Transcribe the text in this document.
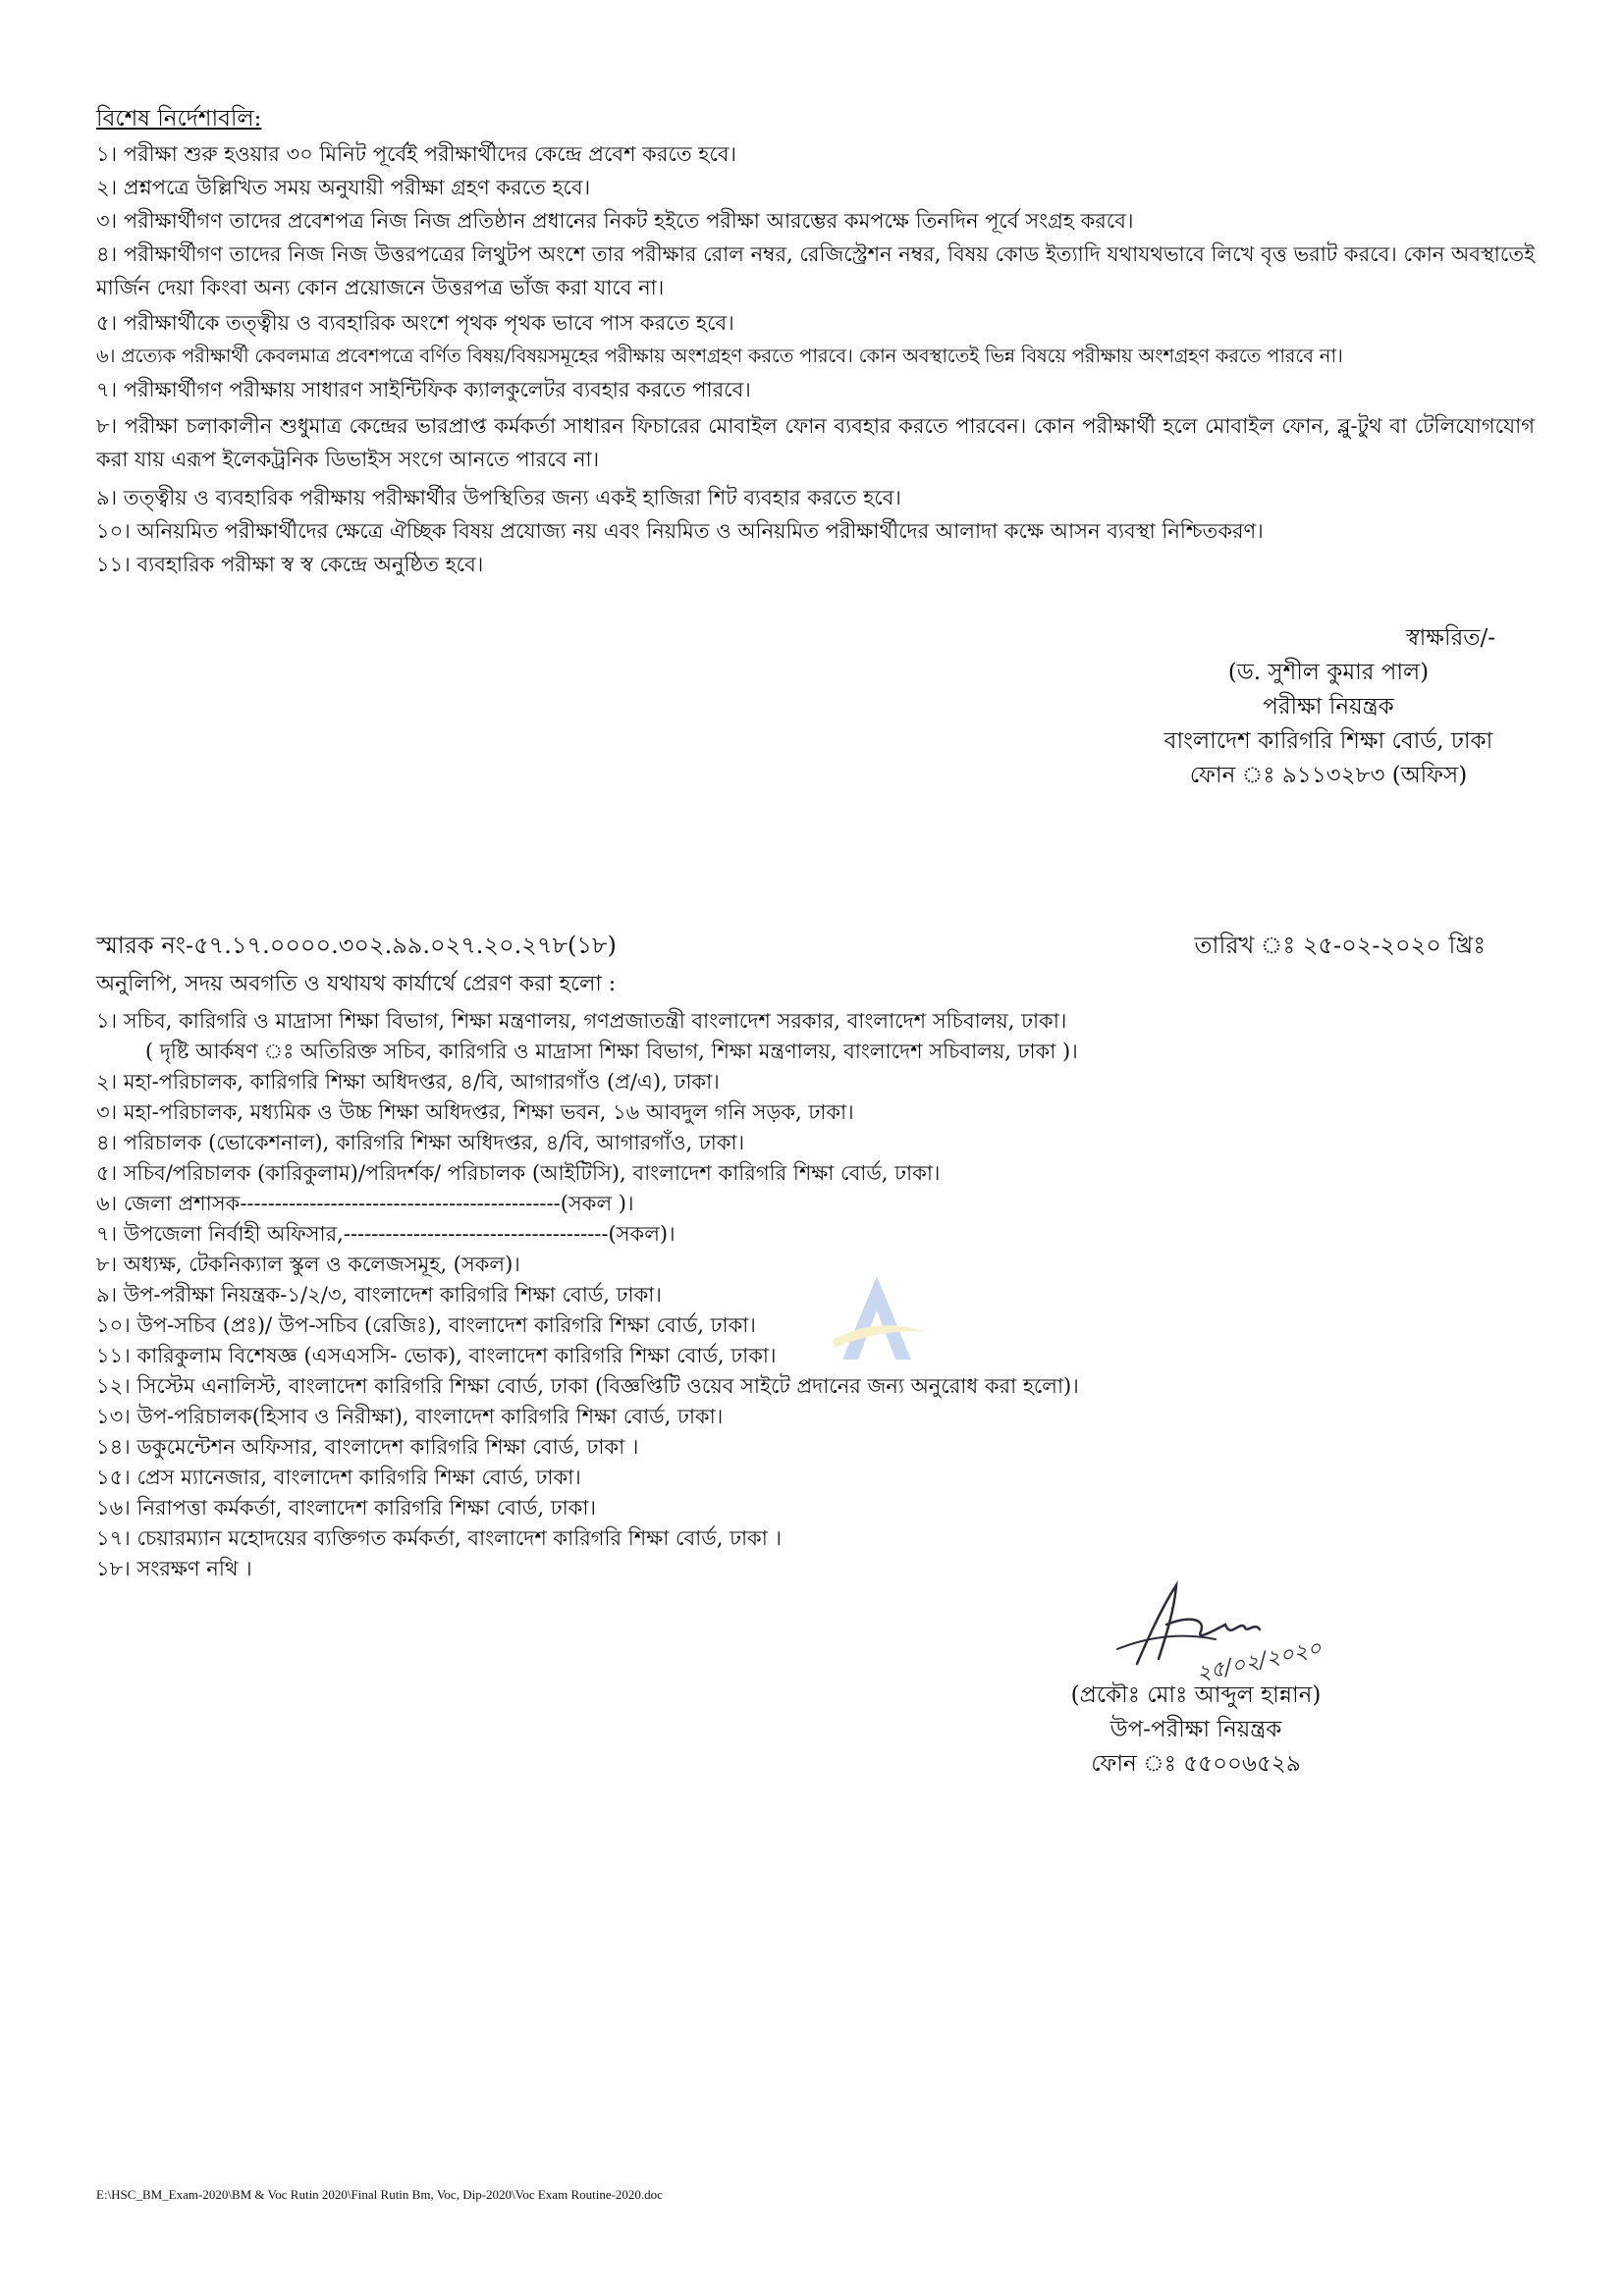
বিশেষ নির্দেশাবলি:
১। পরীক্ষা শুরু হওয়ার ৩০ মিনিট পূর্বেই পরীক্ষার্থীদের কেন্দ্রে প্রবেশ করতে হবে।
২। প্রশ্নপত্রে উল্লিখিত সময় অনুযায়ী পরীক্ষা গ্রহণ করতে হবে।
৩। পরীক্ষার্থীগণ তাদের প্রবেশপত্র নিজ নিজ প্রতিষ্ঠান প্রধানের নিকট হইতে পরীক্ষা আরম্ভের কমপক্ষে তিনদিন পূর্বে সংগ্রহ করবে।
৪। পরীক্ষার্থীগণ তাদের নিজ নিজ উত্তরপত্রের লিথুটপ অংশে তার পরীক্ষার রোল নম্বর, রেজিস্ট্রেশন নম্বর, বিষয় কোড ইত্যাদি যথাযথভাবে লিখে বৃত্ত ভরাট করবে। কোন অবস্থাতেই মার্জিন দেয়া কিংবা অন্য কোন প্রয়োজনে উত্তরপত্র ভাঁজ করা যাবে না।
৫। পরীক্ষার্থীকে তত্ত্বীয় ও ব্যবহারিক অংশে পৃথক পৃথক ভাবে পাস করতে হবে।
৬। প্রত্যেক পরীক্ষার্থী কেবলমাত্র প্রবেশপত্রে বর্ণিত বিষয়/বিষয়সমূহের পরীক্ষায় অংশগ্রহণ করতে পারবে। কোন অবস্থাতেই ভিন্ন বিষয়ে পরীক্ষায় অংশগ্রহণ করতে পারবে না।
৭। পরীক্ষার্থীগণ পরীক্ষায় সাধারণ সাইন্টিফিক ক্যালকুলেটর ব্যবহার করতে পারবে।
৮। পরীক্ষা চলাকালীন শুধুমাত্র কেন্দ্রের ভারপ্রাপ্ত কর্মকর্তা সাধারন ফিচারের মোবাইল ফোন ব্যবহার করতে পারবেন। কোন পরীক্ষার্থী হলে মোবাইল ফোন, ব্লু-টুথ বা টেলিযোগযোগ করা যায় এরূপ ইলেকট্রনিক ডিভাইস সংগে আনতে পারবে না।
৯। তত্ত্বীয় ও ব্যবহারিক পরীক্ষায় পরীক্ষার্থীর উপস্থিতির জন্য একই হাজিরা শিট ব্যবহার করতে হবে।
১০। অনিয়মিত পরীক্ষার্থীদের ক্ষেত্রে ঐচ্ছিক বিষয় প্রযোজ্য নয় এবং নিয়মিত ও অনিয়মিত পরীক্ষার্থীদের আলাদা কক্ষে আসন ব্যবস্থা নিশ্চিতকরণ।
১১। ব্যবহারিক পরীক্ষা স্ব স্ব কেন্দ্রে অনুষ্ঠিত হবে।
স্বাক্ষরিত/-
(ড. সুশীল কুমার পাল)
পরীক্ষা নিয়ন্ত্রক
বাংলাদেশ কারিগরি শিক্ষা বোর্ড, ঢাকা
ফোন ঃ ৯১১৩২৮৩ (অফিস)
স্মারক নং-৫৭.১৭.০০০০.৩০২.৯৯.০২৭.২০.২৭৮(১৮)	তারিখ ঃ ২৫-০২-২০২০ খ্রিঃ
অনুলিপি, সদয় অবগতি ও যথাযথ কার্যার্থে প্রেরণ করা হলো :
১। সচিব, কারিগরি ও মাদ্রাসা শিক্ষা বিভাগ, শিক্ষা মন্ত্রণালয়, গণপ্রজাতন্ত্রী বাংলাদেশ সরকার, বাংলাদেশ সচিবালয়, ঢাকা।
( দৃষ্টি আর্কষণ ঃ অতিরিক্ত সচিব, কারিগরি ও মাদ্রাসা শিক্ষা বিভাগ, শিক্ষা মন্ত্রণালয়, বাংলাদেশ সচিবালয়, ঢাকা )।
২। মহা-পরিচালক, কারিগরি শিক্ষা অধিদপ্তর, ৪/বি, আগারগাঁও (প্র/এ), ঢাকা।
৩। মহা-পরিচালক, মধ্যমিক ও উচ্চ শিক্ষা অধিদপ্তর, শিক্ষা ভবন, ১৬ আবদুল গনি সড়ক, ঢাকা।
৪। পরিচালক (ভোকেশনাল), কারিগরি শিক্ষা অধিদপ্তর, ৪/বি, আগারগাঁও, ঢাকা।
৫। সচিব/পরিচালক (কারিকুলাম)/পরিদর্শক/ পরিচালক (আইটিসি), বাংলাদেশ কারিগরি শিক্ষা বোর্ড, ঢাকা।
৬। জেলা প্রশাসক----------------------------------------------(সকল )।
৭। উপজেলা নির্বাহী অফিসার,--------------------------------------(সকল)।
৮। অধ্যক্ষ, টেকনিক্যাল স্কুল ও কলেজসমূহ, (সকল)।
৯। উপ-পরীক্ষা নিয়ন্ত্রক-১/২/৩, বাংলাদেশ কারিগরি শিক্ষা বোর্ড, ঢাকা।
১০। উপ-সচিব (প্রঃ)/ উপ-সচিব (রেজিঃ), বাংলাদেশ কারিগরি শিক্ষা বোর্ড, ঢাকা।
১১। কারিকুলাম বিশেষজ্ঞ (এসএসসি- ভোক), বাংলাদেশ কারিগরি শিক্ষা বোর্ড, ঢাকা।
১২। সিস্টেম এনালিস্ট, বাংলাদেশ কারিগরি শিক্ষা বোর্ড, ঢাকা (বিজ্ঞপ্তিটি ওয়েব সাইটে প্রদানের জন্য অনুরোধ করা হলো)।
১৩। উপ-পরিচালক(হিসাব ও নিরীক্ষা), বাংলাদেশ কারিগরি শিক্ষা বোর্ড, ঢাকা।
১৪। ডকুমেন্টেশন অফিসার, বাংলাদেশ কারিগরি শিক্ষা বোর্ড, ঢাকা ।
১৫। প্রেস ম্যানেজার, বাংলাদেশ কারিগরি শিক্ষা বোর্ড, ঢাকা।
১৬। নিরাপত্তা কর্মকর্তা, বাংলাদেশ কারিগরি শিক্ষা বোর্ড, ঢাকা।
১৭। চেয়ারম্যান মহোদয়ের ব্যক্তিগত কর্মকর্তা, বাংলাদেশ কারিগরি শিক্ষা বোর্ড, ঢাকা ।
১৮। সংরক্ষণ নথি ।
২৫/০২/২০২০
(প্রকৌঃ মোঃ আব্দুল হান্নান)
উপ-পরীক্ষা নিয়ন্ত্রক
ফোন ঃ ৫৫০০৬৫২৯
E:\HSC_BM_Exam-2020\BM & Voc Rutin 2020\Final Rutin Bm, Voc, Dip-2020\Voc Exam Routine-2020.doc
